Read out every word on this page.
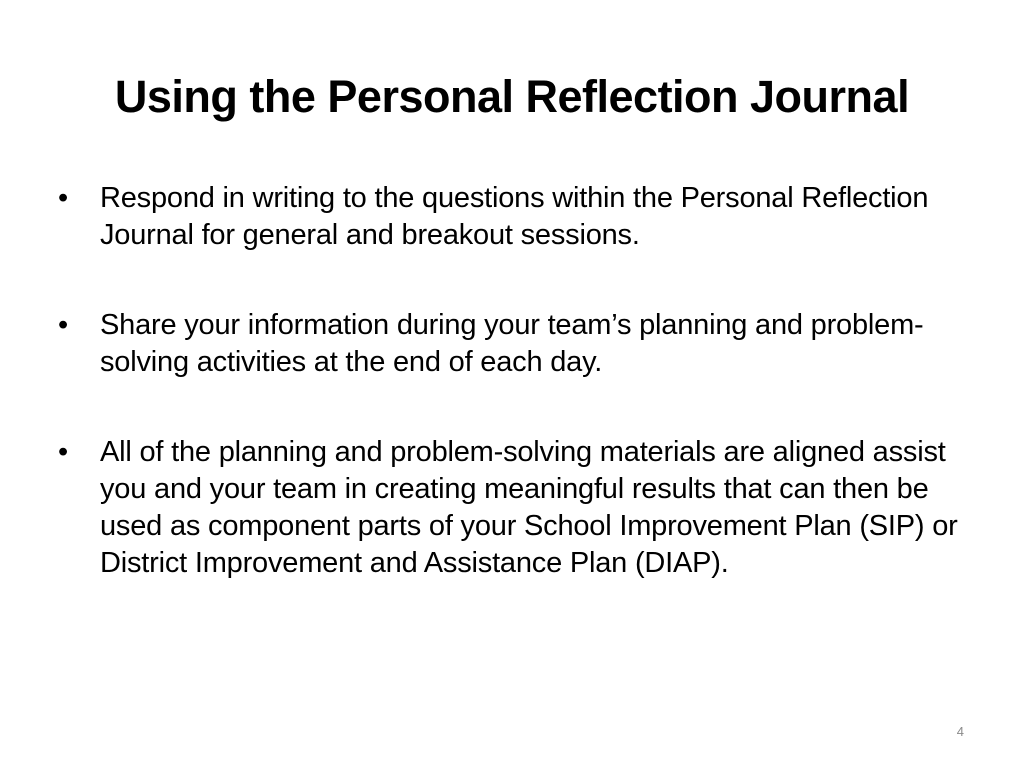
Using the Personal Reflection Journal
• Respond in writing to the questions within the Personal Reflection Journal for general and breakout sessions.
• Share your information during your team’s planning and problem-solving activities at the end of each day.
• All of the planning and problem-solving materials are aligned assist you and your team in creating meaningful results that can then be used as component parts of your School Improvement Plan (SIP) or District Improvement and Assistance Plan (DIAP).
4
